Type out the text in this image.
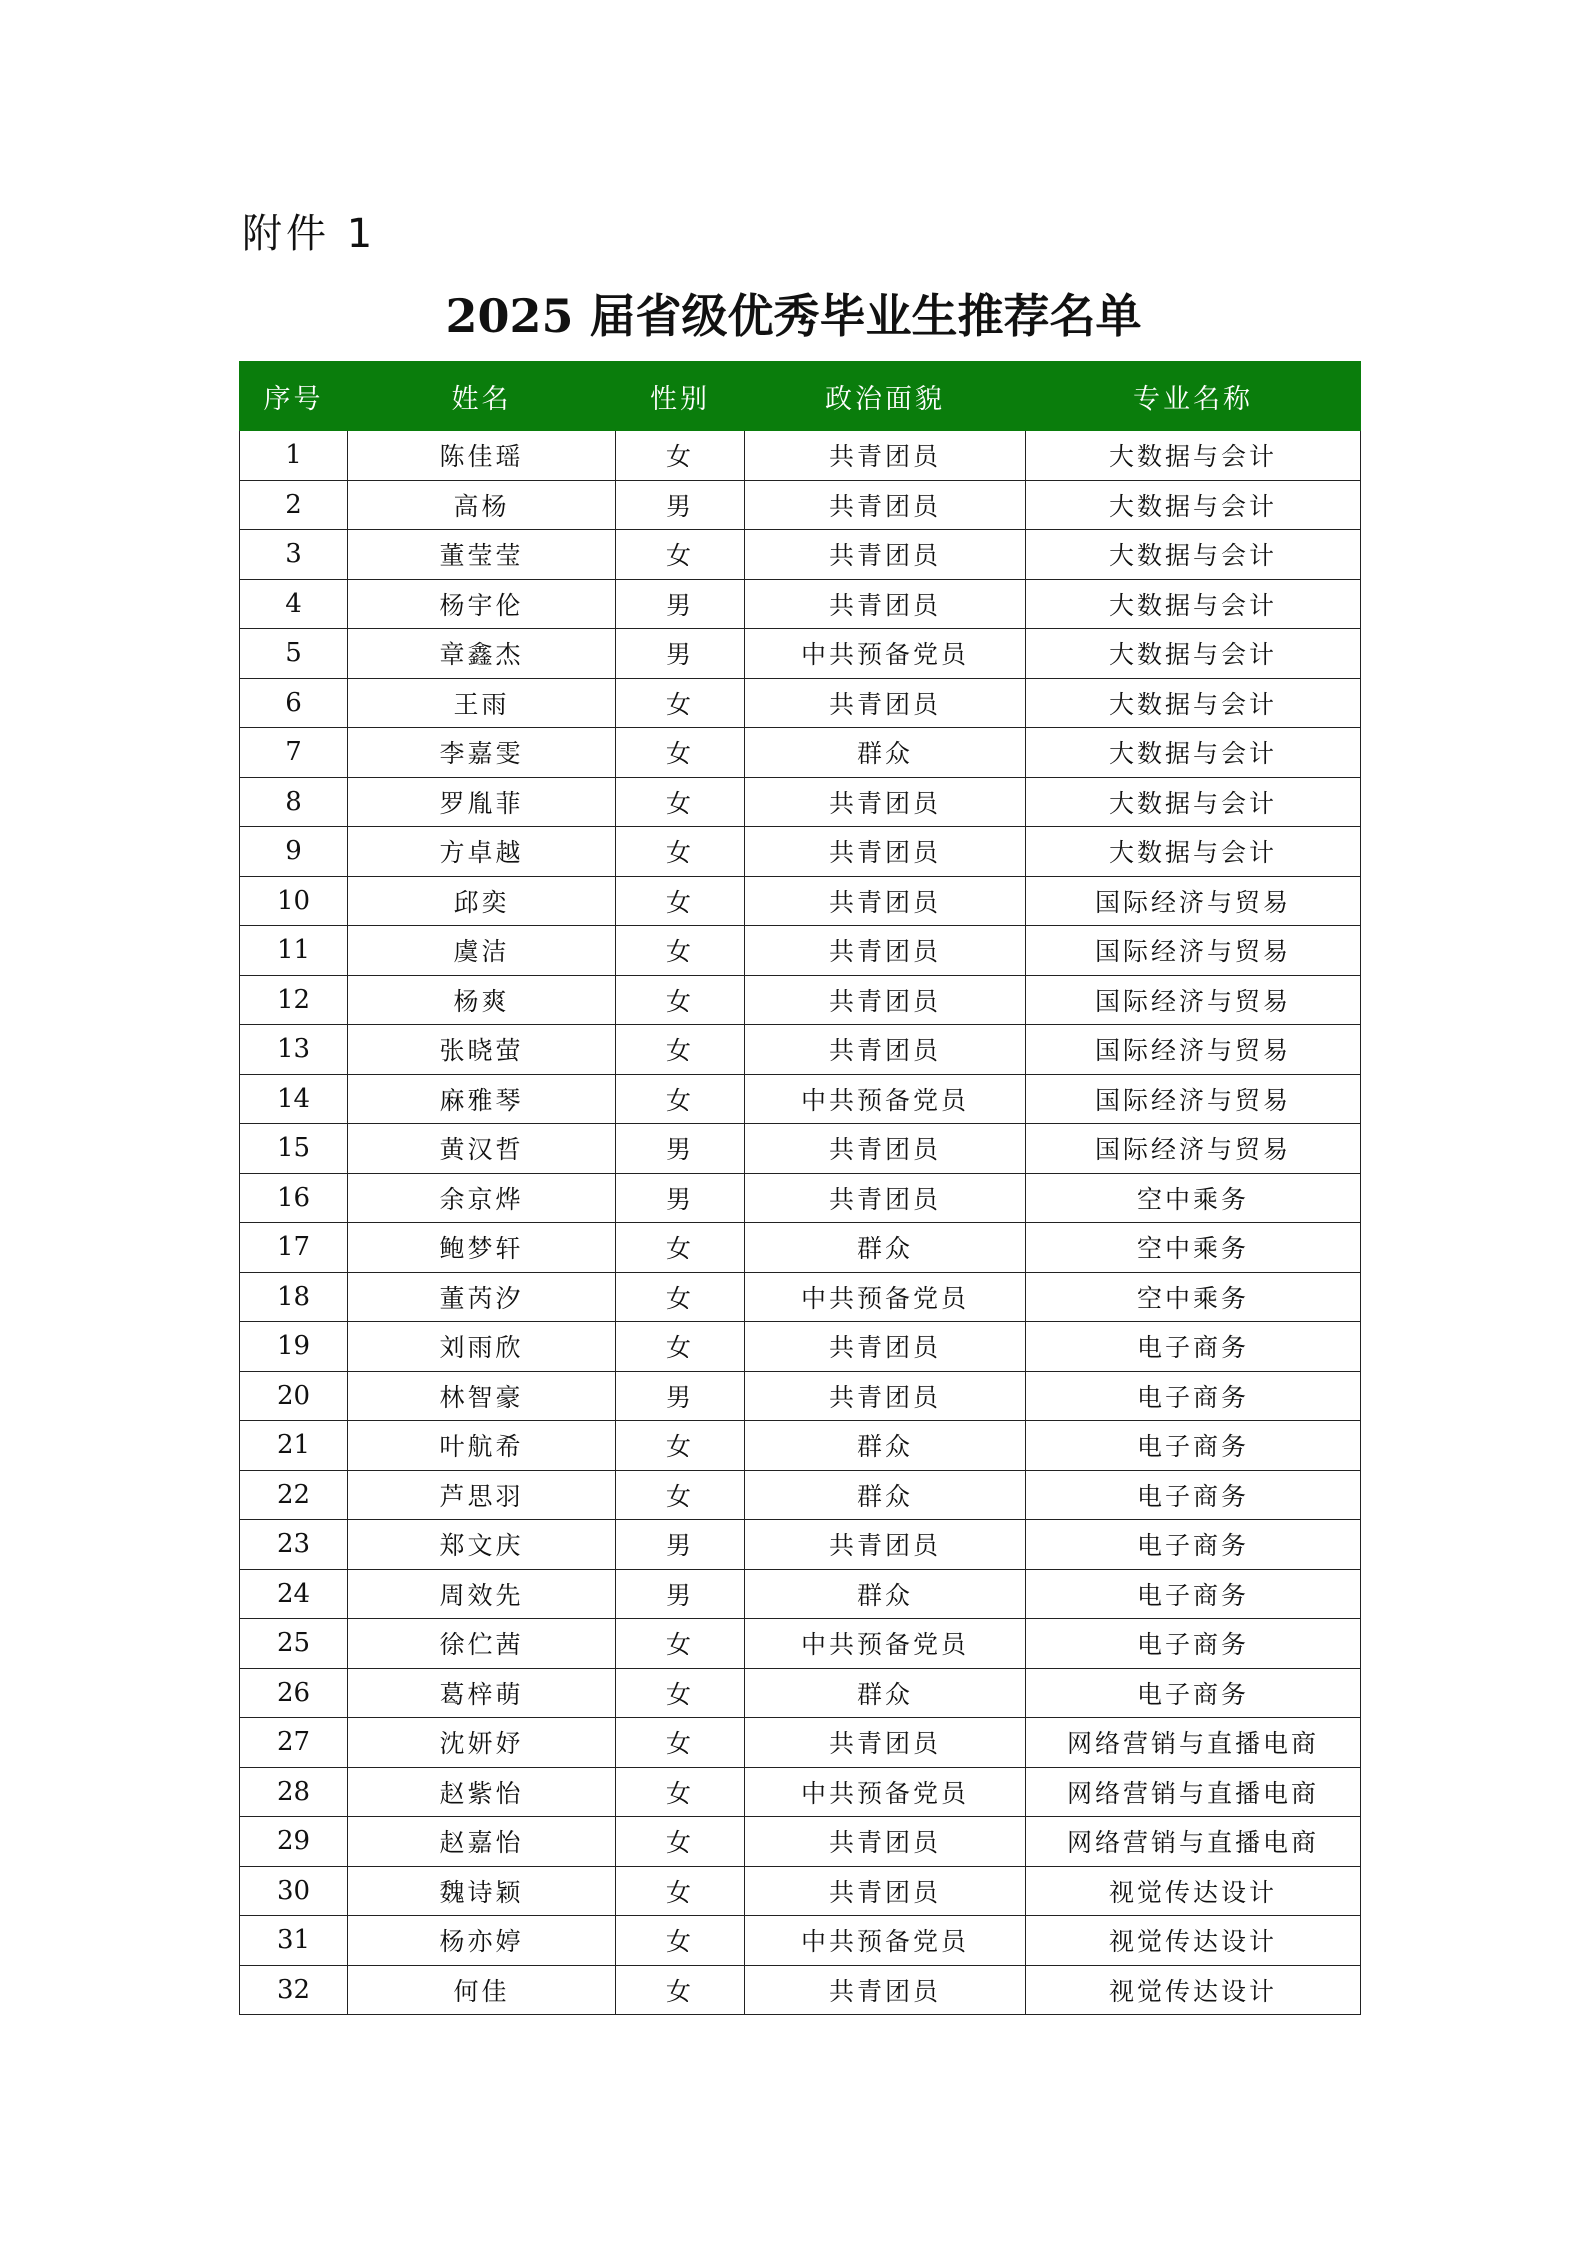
附件 1
2025 届省级优秀毕业生推荐名单
序号	姓名	性别	政治面貌	专业名称
1	陈佳瑶	女	共青团员	大数据与会计
2	高杨	男	共青团员	大数据与会计
3	董莹莹	女	共青团员	大数据与会计
4	杨宇伦	男	共青团员	大数据与会计
5	章鑫杰	男	中共预备党员	大数据与会计
6	王雨	女	共青团员	大数据与会计
7	李嘉雯	女	群众	大数据与会计
8	罗胤菲	女	共青团员	大数据与会计
9	方卓越	女	共青团员	大数据与会计
10	邱奕	女	共青团员	国际经济与贸易
11	虞洁	女	共青团员	国际经济与贸易
12	杨爽	女	共青团员	国际经济与贸易
13	张晓萤	女	共青团员	国际经济与贸易
14	麻雅琴	女	中共预备党员	国际经济与贸易
15	黄汉哲	男	共青团员	国际经济与贸易
16	余京烨	男	共青团员	空中乘务
17	鲍梦轩	女	群众	空中乘务
18	董芮汐	女	中共预备党员	空中乘务
19	刘雨欣	女	共青团员	电子商务
20	林智豪	男	共青团员	电子商务
21	叶航希	女	群众	电子商务
22	芦思羽	女	群众	电子商务
23	郑文庆	男	共青团员	电子商务
24	周效先	男	群众	电子商务
25	徐伫茜	女	中共预备党员	电子商务
26	葛梓萌	女	群众	电子商务
27	沈妍妤	女	共青团员	网络营销与直播电商
28	赵紫怡	女	中共预备党员	网络营销与直播电商
29	赵嘉怡	女	共青团员	网络营销与直播电商
30	魏诗颖	女	共青团员	视觉传达设计
31	杨亦婷	女	中共预备党员	视觉传达设计
32	何佳	女	共青团员	视觉传达设计
